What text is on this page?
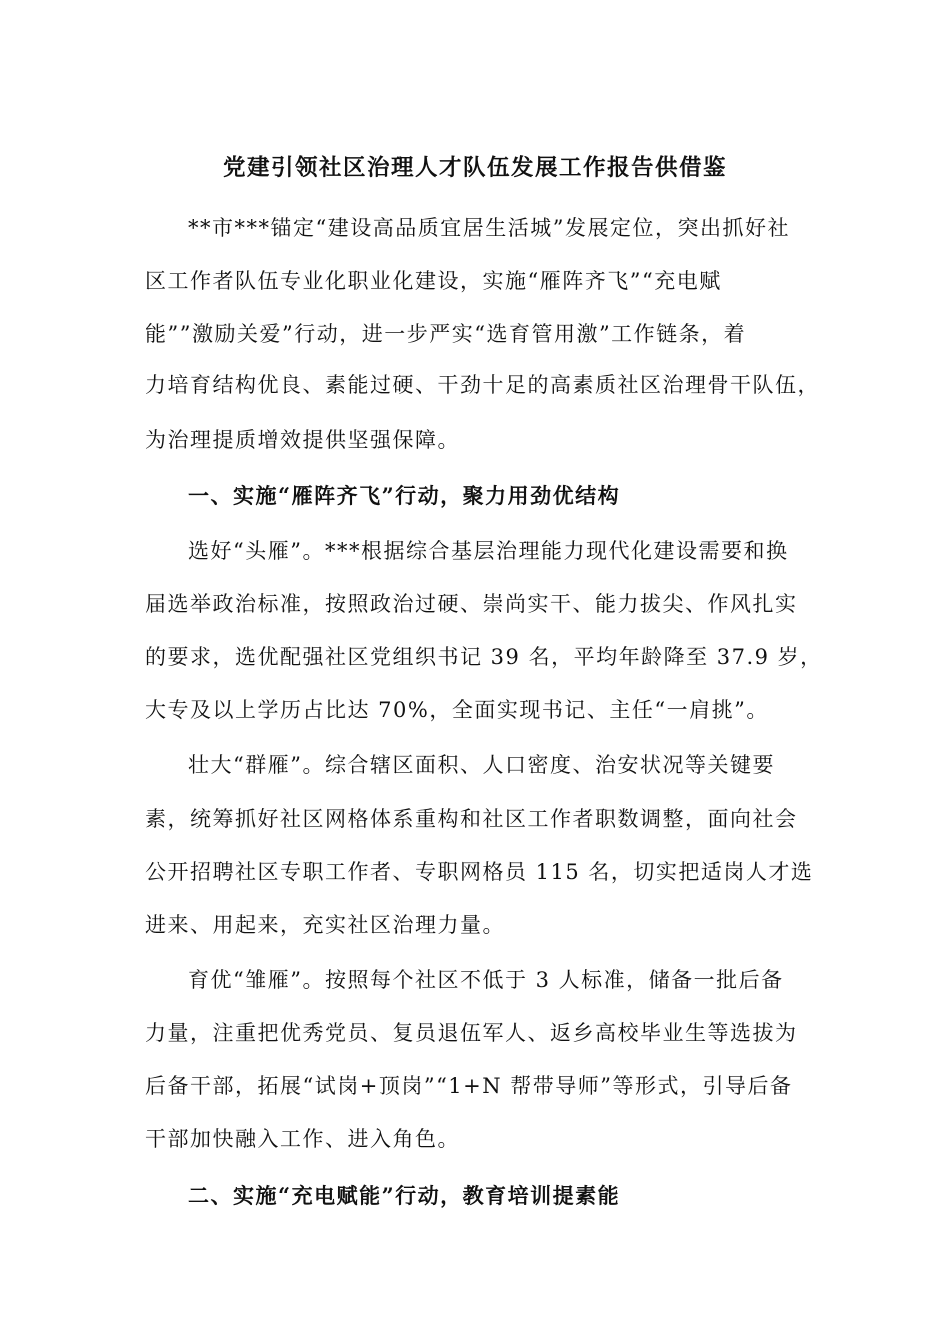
党建引领社区治理人才队伍发展工作报告供借鉴
**市***锚定“建设高品质宜居生活城”发展定位，突出抓好社
区工作者队伍专业化职业化建设，实施“雁阵齐飞”“充电赋
能””激励关爱”行动，进一步严实“选育管用激”工作链条，着
力培育结构优良、素能过硬、干劲十足的高素质社区治理骨干队伍，
为治理提质增效提供坚强保障。
一、实施“雁阵齐飞”行动，聚力用劲优结构
选好“头雁”。***根据综合基层治理能力现代化建设需要和换
届选举政治标准，按照政治过硬、崇尚实干、能力拔尖、作风扎实
的要求，选优配强社区党组织书记 39 名，平均年龄降至 37.9 岁，
大专及以上学历占比达 70%，全面实现书记、主任“一肩挑”。
壮大“群雁”。综合辖区面积、人口密度、治安状况等关键要
素，统筹抓好社区网格体系重构和社区工作者职数调整，面向社会
公开招聘社区专职工作者、专职网格员 115 名，切实把适岗人才选
进来、用起来，充实社区治理力量。
育优“雏雁”。按照每个社区不低于 3 人标准，储备一批后备
力量，注重把优秀党员、复员退伍军人、返乡高校毕业生等选拔为
后备干部，拓展“试岗+顶岗”“1+N 帮带导师”等形式，引导后备
干部加快融入工作、进入角色。
二、实施“充电赋能”行动，教育培训提素能
